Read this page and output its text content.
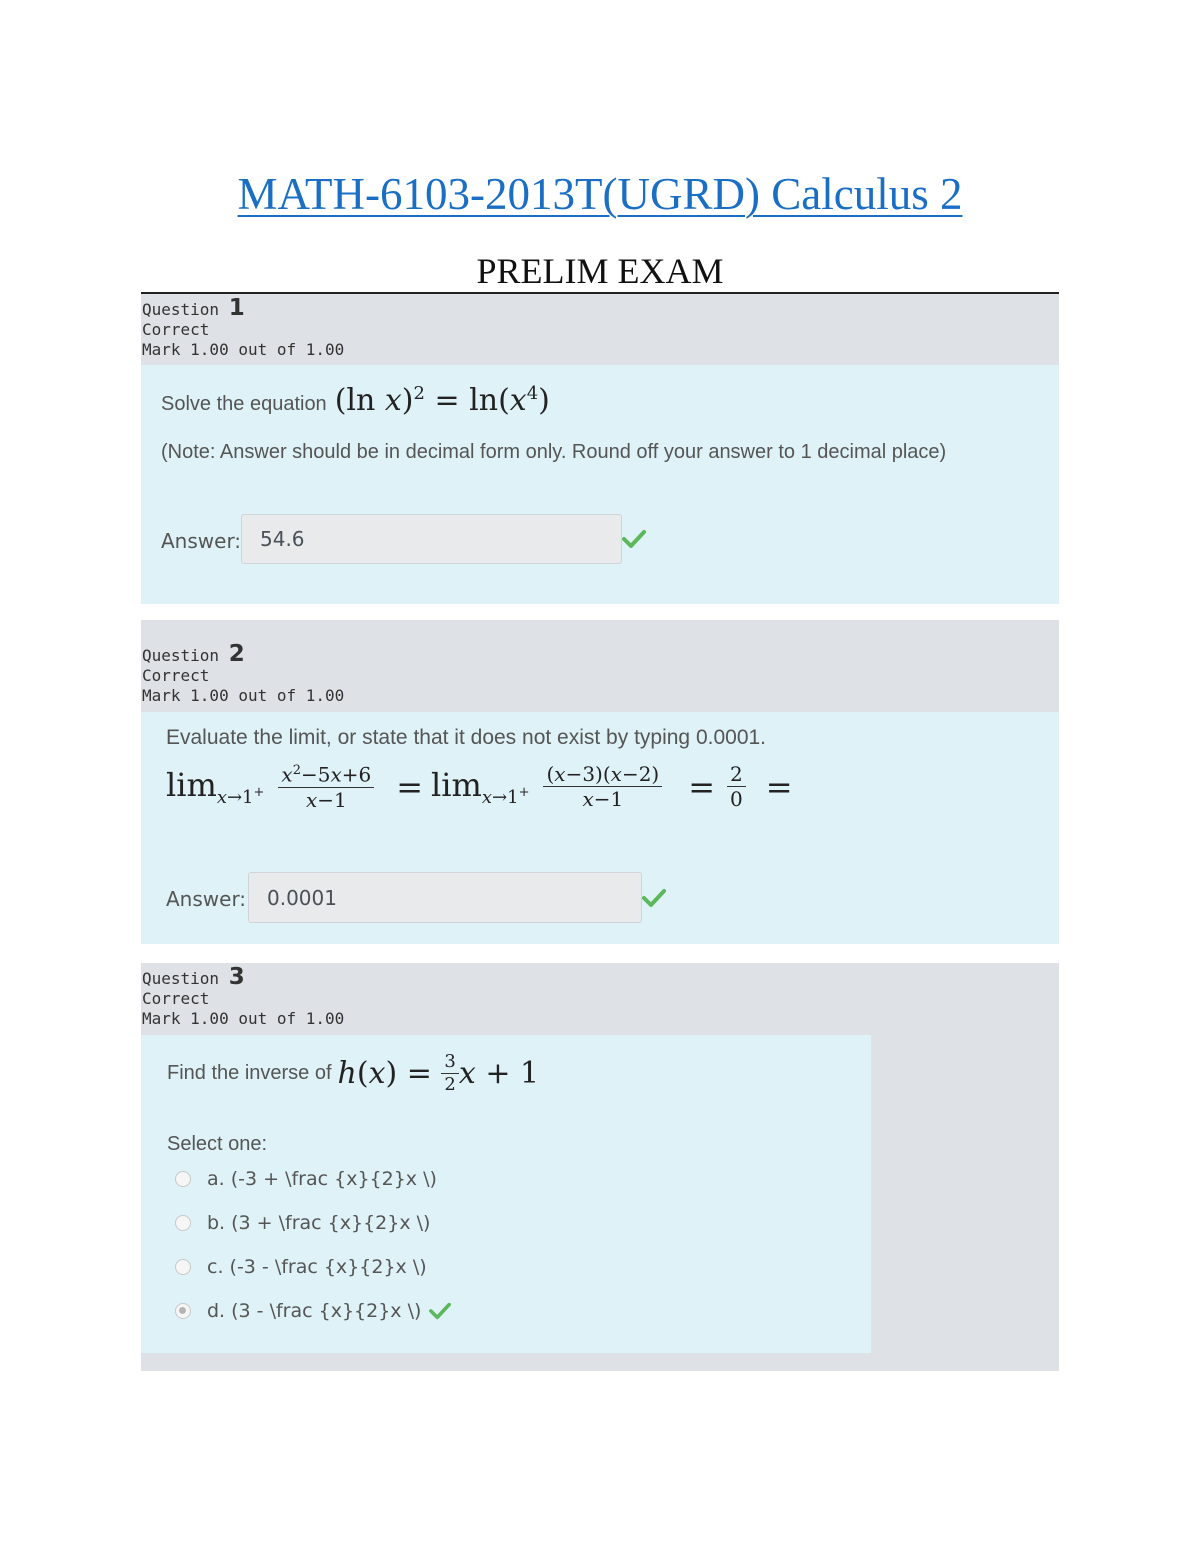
MATH-6103-2013T(UGRD) Calculus 2
PRELIM EXAM
Question 1
Correct
Mark 1.00 out of 1.00
Solve the equation (ln $x)^2 = \ln(x^4)$
(Note: Answer should be in decimal form only. Round off your answer to 1 decimal place)
Answer: 54.6
Question 2
Correct
Mark 1.00 out of 1.00
Evaluate the limit, or state that it does not exist by typing 0.0001.
$\lim_{x\to 1^+} \frac{x^2-5x+6}{x-1} = \lim_{x\to 1^+} \frac{(x-3)(x-2)}{x-1} = \frac{2}{0}$ =
Answer:	0.0001
Question 3
Correct
Mark 1.00 out of 1.00
Find the inverse of h ( x ) = $\frac{3}{2}$ x + 1
Select one:
a. (-3 + \frac {x}{2}x \)
b. (3 + \frac {x}{2}x \)
c. (-3 - \frac {x}{2}x \)
d. (3 - \frac {x}{2}x \)
